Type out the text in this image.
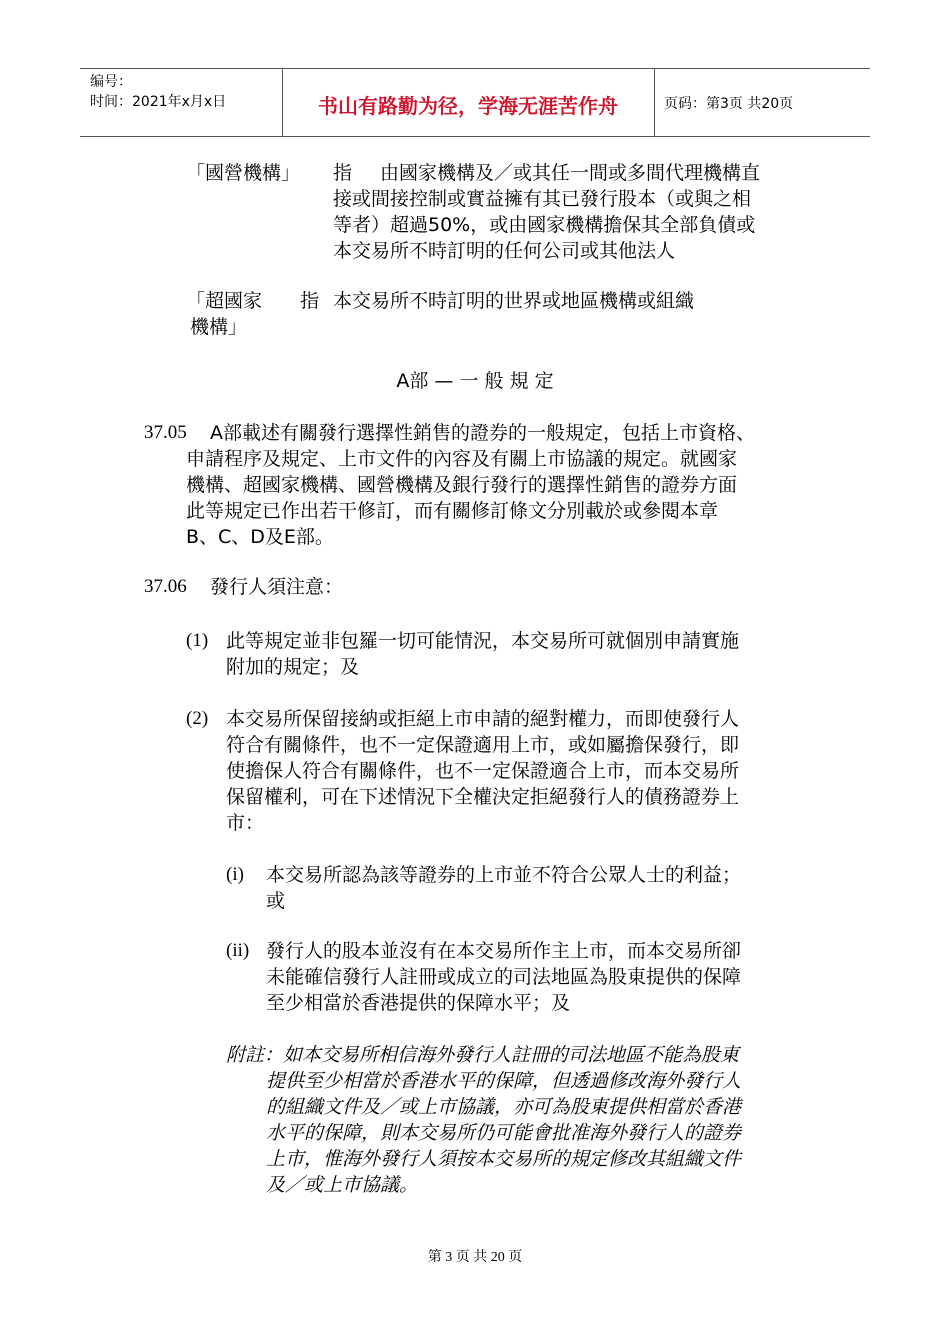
编号：
时间：2021年x月x日	书山有路勤为径，学海无涯苦作舟	页码：第3页 共20页
「國營機構」 指 由國家機構及／或其任一間或多間代理機構直
接或間接控制或實益擁有其已發行股本（或與之相
等者）超過50%，或由國家機構擔保其全部負債或
本交易所不時訂明的任何公司或其他法人
「超國家
機構」
指 本交易所不時訂明的世界或地區機構或組織
A部 — 一 般 規 定
37.05 A部載述有關發行選擇性銷售的證券的一般規定，包括上市資格、
申請程序及規定、上市文件的內容及有關上市協議的規定。就國家
機構、超國家機構、國營機構及銀行發行的選擇性銷售的證券方面
此等規定已作出若干修訂，而有關修訂條文分別載於或參閱本章
B、C、D及E部。
37.06 發行人須注意：
(1) 此等規定並非包羅一切可能情況，本交易所可就個別申請實施
附加的規定；及
(2) 本交易所保留接納或拒絕上市申請的絕對權力，而即使發行人
符合有關條件，也不一定保證適用上市，或如屬擔保發行，即
使擔保人符合有關條件，也不一定保證適合上市，而本交易所
保留權利，可在下述情況下全權決定拒絕發行人的債務證券上
市：
(i) 本交易所認為該等證券的上市並不符合公眾人士的利益；
或
(ii) 發行人的股本並沒有在本交易所作主上市，而本交易所卻
未能確信發行人註冊或成立的司法地區為股東提供的保障
至少相當於香港提供的保障水平；及
附註：如本交易所相信海外發行人註冊的司法地區不能為股東
提供至少相當於香港水平的保障，但透過修改海外發行人
的組織文件及／或上市協議，亦可為股東提供相當於香港
水平的保障，則本交易所仍可能會批准海外發行人的證券
上市，惟海外發行人須按本交易所的規定修改其組織文件
及／或上市協議。
第 3 页 共 20 页
